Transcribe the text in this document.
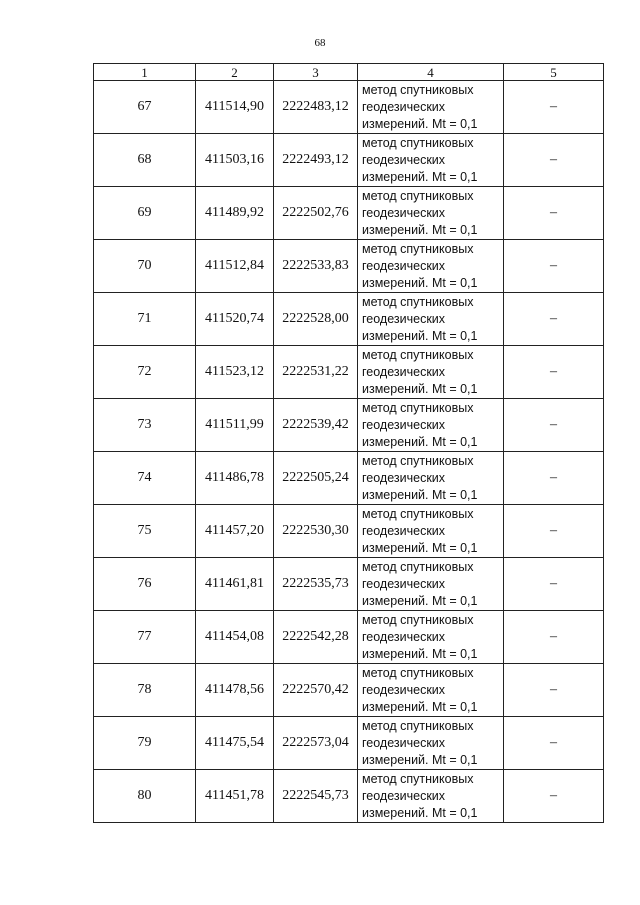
68
1	2	3	4	5
67	411514,90	2222483,12	метод спутниковых
геодезических
измерений. Mt = 0,1	–
68	411503,16	2222493,12	метод спутниковых
геодезических
измерений. Mt = 0,1	–
69	411489,92	2222502,76	метод спутниковых
геодезических
измерений. Mt = 0,1	–
70	411512,84	2222533,83	метод спутниковых
геодезических
измерений. Mt = 0,1	–
71	411520,74	2222528,00	метод спутниковых
геодезических
измерений. Mt = 0,1	–
72	411523,12	2222531,22	метод спутниковых
геодезических
измерений. Mt = 0,1	–
73	411511,99	2222539,42	метод спутниковых
геодезических
измерений. Mt = 0,1	–
74	411486,78	2222505,24	метод спутниковых
геодезических
измерений. Mt = 0,1	–
75	411457,20	2222530,30	метод спутниковых
геодезических
измерений. Mt = 0,1	–
76	411461,81	2222535,73	метод спутниковых
геодезических
измерений. Mt = 0,1	–
77	411454,08	2222542,28	метод спутниковых
геодезических
измерений. Mt = 0,1	–
78	411478,56	2222570,42	метод спутниковых
геодезических
измерений. Mt = 0,1	–
79	411475,54	2222573,04	метод спутниковых
геодезических
измерений. Mt = 0,1	–
80	411451,78	2222545,73	метод спутниковых
геодезических
измерений. Mt = 0,1	–
